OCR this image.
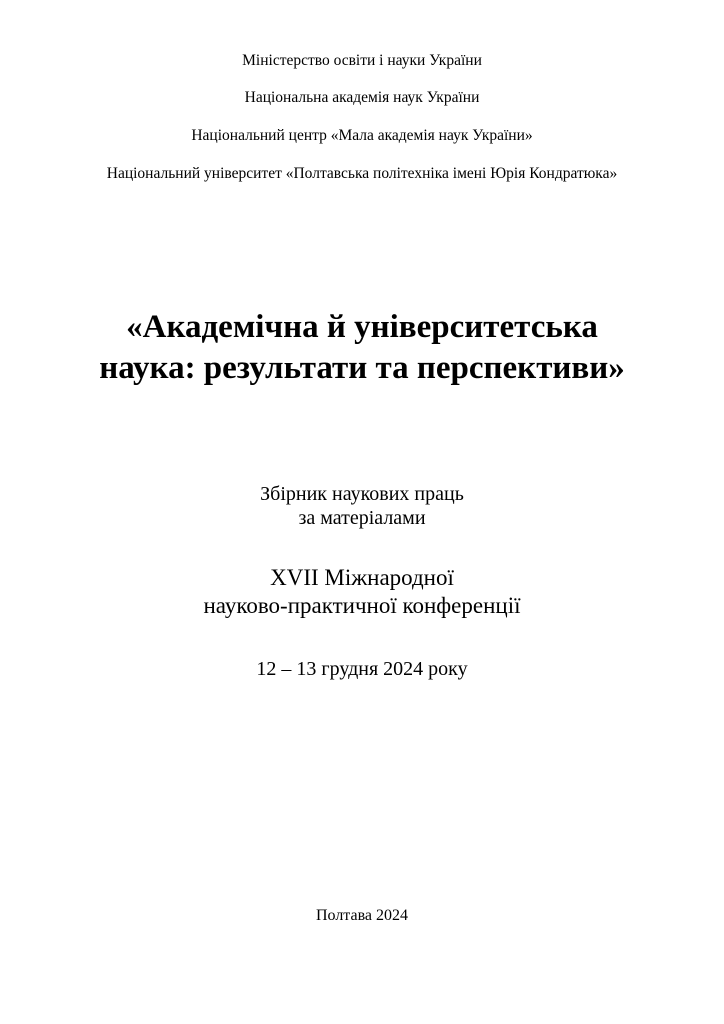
Міністерство освіти і науки України
Національна академія наук України
Національний центр «Мала академія наук України»
Національний університет «Полтавська політехніка імені Юрія Кондратюка»
«Академічна й університетська
наука: результати та перспективи»
Збірник наукових праць
за матеріалами
XVII Міжнародної
науково-практичної конференції
12 – 13 грудня 2024 року
Полтава 2024
